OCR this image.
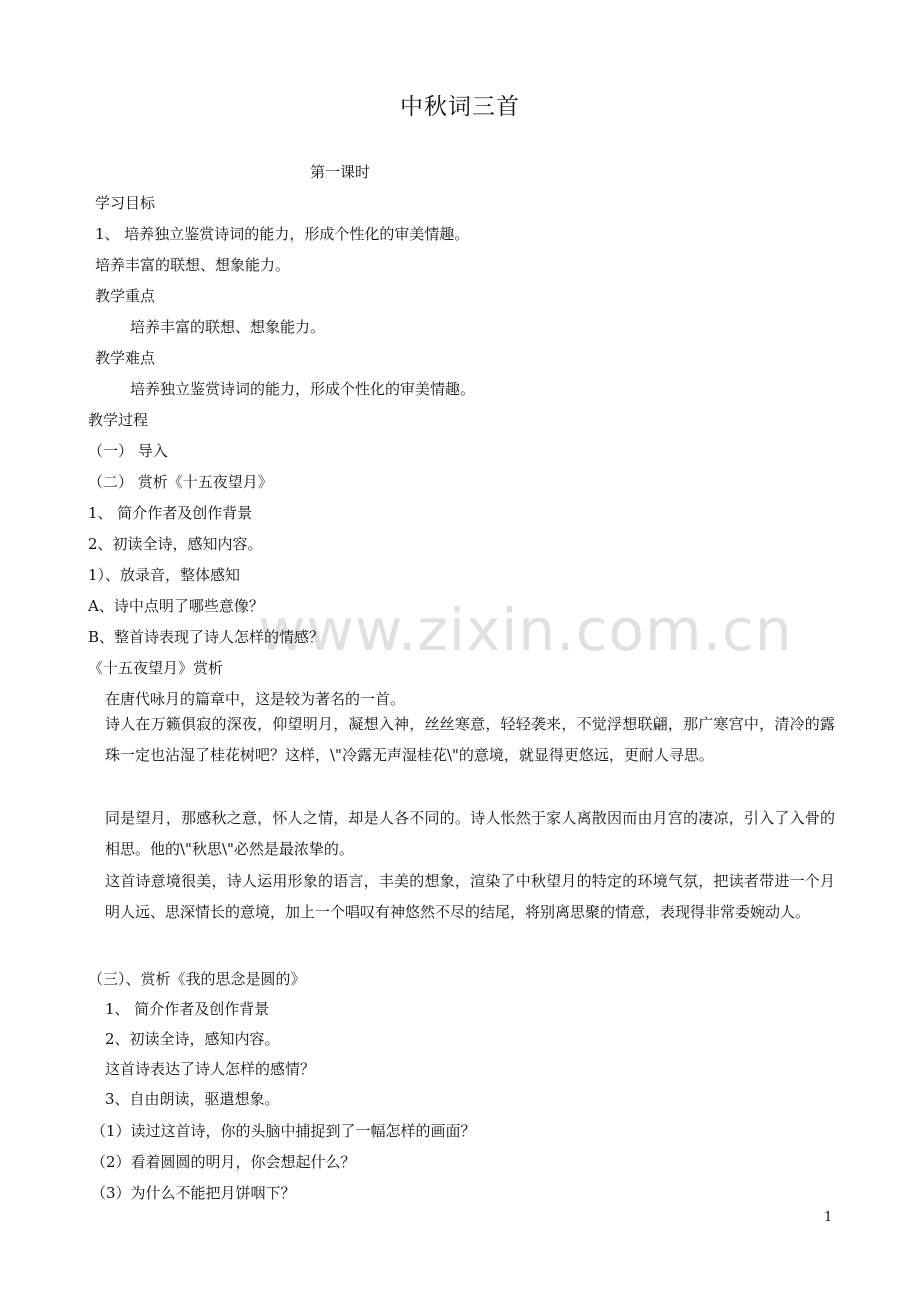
中秋词三首
第一课时
学习目标
1、 培养独立鉴赏诗词的能力，形成个性化的审美情趣。
培养丰富的联想、想象能力。
教学重点
培养丰富的联想、想象能力。
教学难点
培养独立鉴赏诗词的能力，形成个性化的审美情趣。
教学过程
（一） 导入
（二） 赏析《十五夜望月》
1、 简介作者及创作背景
2、初读全诗，感知内容。
1）、放录音，整体感知
A、诗中点明了哪些意像？
B、整首诗表现了诗人怎样的情感？
《十五夜望月》赏析
在唐代咏月的篇章中，这是较为著名的一首。
诗人在万籁俱寂的深夜，仰望明月，凝想入神，丝丝寒意，轻轻袭来，不觉浮想联翩，那广寒宫中，清冷的露珠一定也沾湿了桂花树吧？这样，\"冷露无声湿桂花\"的意境，就显得更悠远，更耐人寻思。
同是望月，那感秋之意，怀人之情，却是人各不同的。诗人怅然于家人离散因而由月宫的凄凉，引入了入骨的相思。他的\"秋思\"必然是最浓挚的。
这首诗意境很美，诗人运用形象的语言，丰美的想象，渲染了中秋望月的特定的环境气氛，把读者带进一个月明人远、思深情长的意境，加上一个唱叹有神悠然不尽的结尾，将别离思聚的情意，表现得非常委婉动人。
（三）、赏析《我的思念是圆的》
1、 简介作者及创作背景
2、初读全诗，感知内容。
这首诗表达了诗人怎样的感情？
3、自由朗读，驱遣想象。
（1）读过这首诗，你的头脑中捕捉到了一幅怎样的画面？
（2）看着圆圆的明月，你会想起什么？
（3）为什么不能把月饼咽下？
www.zixin.com.cn
1
